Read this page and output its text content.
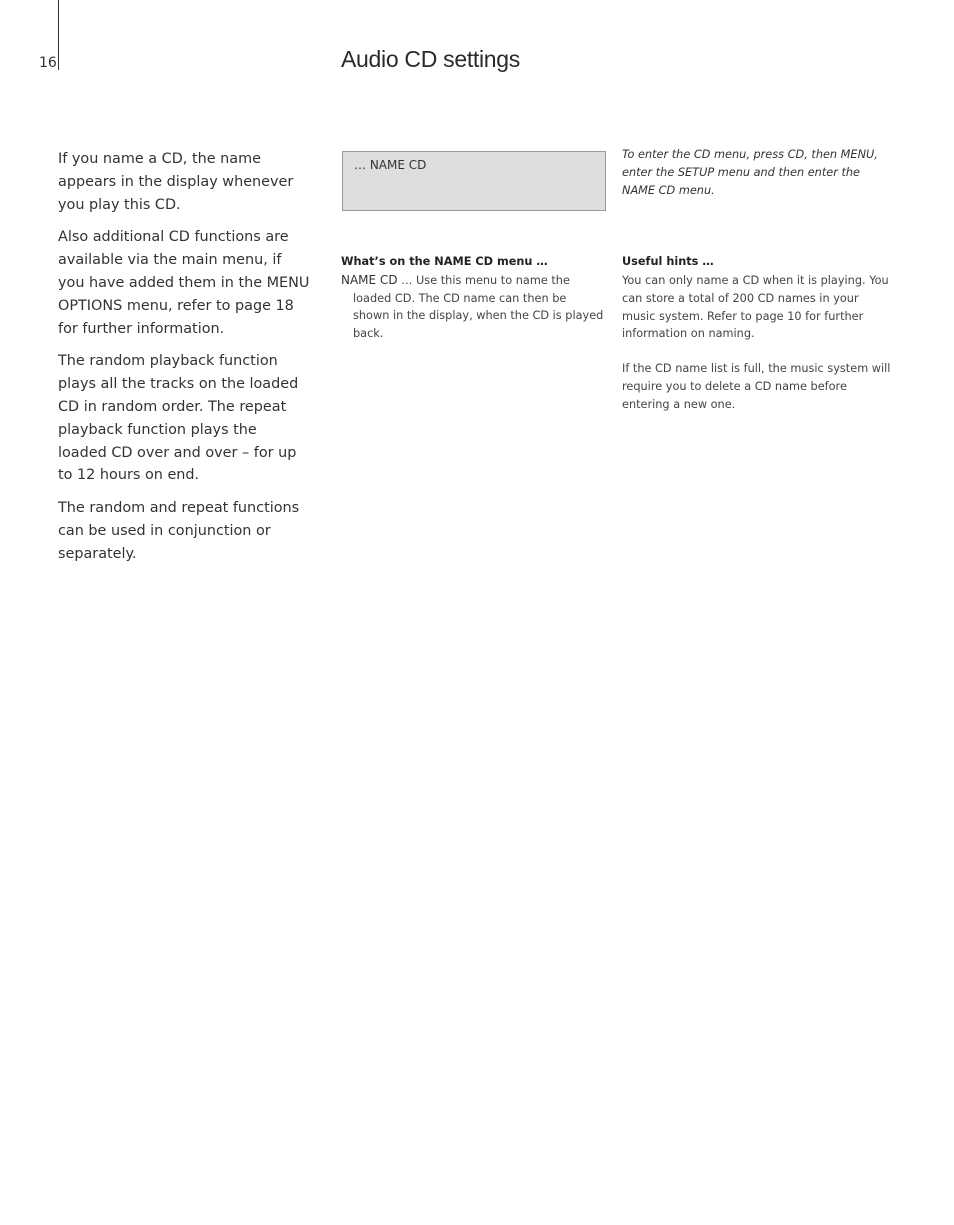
16	Audio CD settings

If you name a CD, the name appears in the display whenever you play this CD.

Also additional CD functions are available via the main menu, if you have added them in the MENU OPTIONS menu, refer to page 18 for further information.

The random playback function plays all the tracks on the loaded CD in random order. The repeat playback function plays the loaded CD over and over – for up to 12 hours on end.

The random and repeat functions can be used in conjunction or separately.

… NAME CD
To enter the CD menu, press CD, then MENU, enter the SETUP menu and then enter the NAME CD menu.
What’s on the NAME CD menu …

NAME CD … Use this menu to name the loaded CD. The CD name can then be shown in the display, when the CD is played back.

Useful hints …

You can only name a CD when it is playing. You can store a total of 200 CD names in your music system. Refer to page 10 for further information on naming.

If the CD name list is full, the music system will require you to delete a CD name before entering a new one.
